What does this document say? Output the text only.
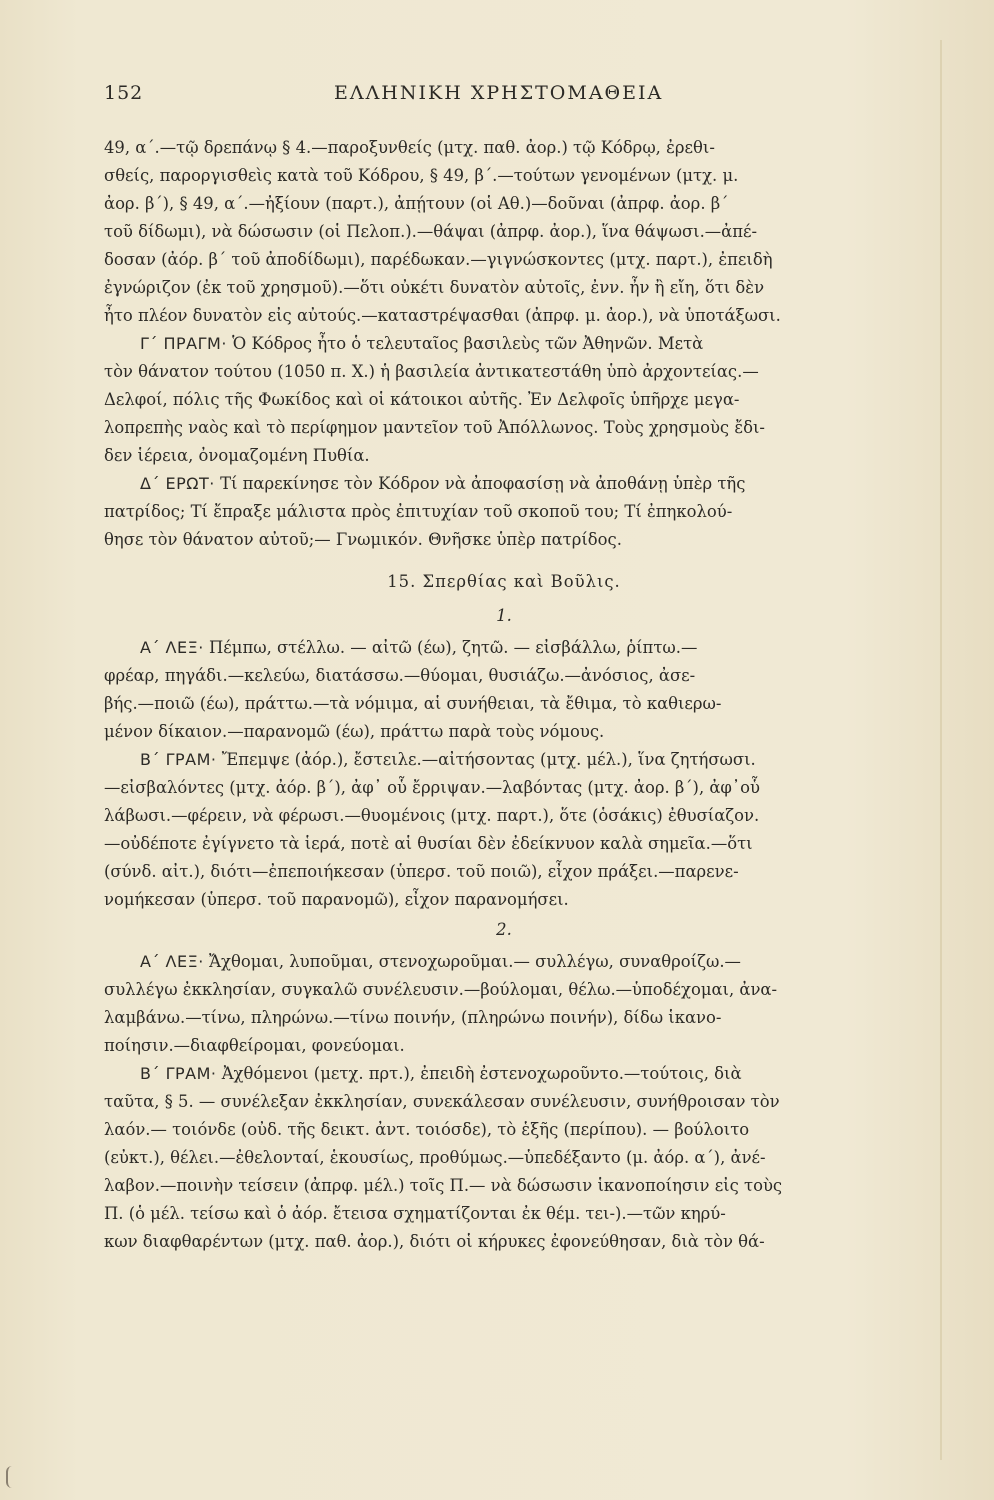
152	ΕΛΛΗΝΙΚΗ ΧΡΗΣΤΟΜΑΘΕΙΑ

49, α΄.—τῷ δρεπάνῳ § 4.—παροξυνθείς (μτχ. παθ. ἀορ.) τῷ Κόδρῳ, ἐρεθι-

σθείς, παροργισθεὶς κατὰ τοῦ Κόδρου, § 49, β΄.—τούτων γενομένων (μτχ. μ.

ἀορ. β΄), § 49, α΄.—ἠξίουν (παρτ.), ἀπῄτουν (οἱ Αθ.)—δοῦναι (ἀπρφ. ἀορ. β΄

τοῦ δίδωμι), νὰ δώσωσιν (οἱ Πελοπ.).—θάψαι (ἀπρφ. ἀορ.), ἵνα θάψωσι.—ἀπέ-

δοσαν (ἀόρ. β΄ τοῦ ἀποδίδωμι), παρέδωκαν.—γιγνώσκοντες (μτχ. παρτ.), ἐπειδὴ

ἐγνώριζον (ἐκ τοῦ χρησμοῦ).—ὅτι οὐκέτι δυνατὸν αὐτοῖς, ἐνν. ἦν ἢ εἴη, ὅτι δὲν

ἦτο πλέον δυνατὸν εἰς αὐτούς.—καταστρέψασθαι (ἀπρφ. μ. ἀορ.), νὰ ὑποτάξωσι.

Γ΄ ΠΡΑΓΜ· Ὁ Κόδρος ἦτο ὁ τελευταῖος βασιλεὺς τῶν Ἀθηνῶν. Μετὰ

τὸν θάνατον τούτου (1050 π. Χ.) ἡ βασιλεία ἀντικατεστάθη ὑπὸ ἀρχοντείας.—

Δελφοί, πόλις τῆς Φωκίδος καὶ οἱ κάτοικοι αὐτῆς. Ἐν Δελφοῖς ὑπῆρχε μεγα-

λοπρεπὴς ναὸς καὶ τὸ περίφημον μαντεῖον τοῦ Ἀπόλλωνος. Τοὺς χρησμοὺς ἔδι-

δεν ἱέρεια, ὀνομαζομένη Πυθία.

Δ΄ ΕΡΩΤ· Τί παρεκίνησε τὸν Κόδρον νὰ ἀποφασίσῃ νὰ ἀποθάνῃ ὑπὲρ τῆς

πατρίδος; Τί ἔπραξε μάλιστα πρὸς ἐπιτυχίαν τοῦ σκοποῦ του; Τί ἐπηκολού-

θησε τὸν θάνατον αὐτοῦ;— Γνωμικόν. Θνῆσκε ὑπὲρ πατρίδος.

15. Σπερθίας καὶ Βοῦλις.

1.

Α΄ ΛΕΞ· Πέμπω, στέλλω. — αἰτῶ (έω), ζητῶ. — εἰσβάλλω, ῥίπτω.—

φρέαρ, πηγάδι.—κελεύω, διατάσσω.—θύομαι, θυσιάζω.—ἀνόσιος, ἀσε-

βής.—ποιῶ (έω), πράττω.—τὰ νόμιμα, αἱ συνήθειαι, τὰ ἔθιμα, τὸ καθιερω-

μένον δίκαιον.—παρανομῶ (έω), πράττω παρὰ τοὺς νόμους.

Β΄ ΓΡΑΜ· Ἔπεμψε (ἀόρ.), ἔστειλε.—αἰτήσοντας (μτχ. μέλ.), ἵνα ζητήσωσι.

—εἰσβαλόντες (μτχ. ἀόρ. β΄), ἀφ᾽ οὗ ἔρριψαν.—λαβόντας (μτχ. ἀορ. β΄), ἀφ᾽οὗ

λάβωσι.—φέρειν, νὰ φέρωσι.—θυομένοις (μτχ. παρτ.), ὅτε (ὁσάκις) ἐθυσίαζον.

—οὐδέποτε ἐγίγνετο τὰ ἱερά, ποτὲ αἱ θυσίαι δὲν ἐδείκνυον καλὰ σημεῖα.—ὅτι

(σύνδ. αἰτ.), διότι—ἐπεποιήκεσαν (ὑπερσ. τοῦ ποιῶ), εἶχον πράξει.—παρενε-

νομήκεσαν (ὑπερσ. τοῦ παρανομῶ), εἶχον παρανομήσει.

2.

Α΄ ΛΕΞ· Ἄχθομαι, λυποῦμαι, στενοχωροῦμαι.— συλλέγω, συναθροίζω.—

συλλέγω ἐκκλησίαν, συγκαλῶ συνέλευσιν.—βούλομαι, θέλω.—ὑποδέχομαι, ἀνα-

λαμβάνω.—τίνω, πληρώνω.—τίνω ποινήν, (πληρώνω ποινήν), δίδω ἱκανο-

ποίησιν.—διαφθείρομαι, φονεύομαι.

Β΄ ΓΡΑΜ· Ἀχθόμενοι (μετχ. πρτ.), ἐπειδὴ ἐστενοχωροῦντο.—τούτοις, διὰ

ταῦτα, § 5. — συνέλεξαν ἐκκλησίαν, συνεκάλεσαν συνέλευσιν, συνήθροισαν τὸν

λαόν.— τοιόνδε (οὐδ. τῆς δεικτ. ἀντ. τοιόσδε), τὸ ἑξῆς (περίπου). — βούλοιτο

(εὐκτ.), θέλει.—ἐθελονταί, ἑκουσίως, προθύμως.—ὑπεδέξαντο (μ. ἀόρ. α΄), ἀνέ-

λαβον.—ποινὴν τείσειν (ἀπρφ. μέλ.) τοῖς Π.— νὰ δώσωσιν ἱκανοποίησιν εἰς τοὺς

Π. (ὁ μέλ. τείσω καὶ ὁ ἀόρ. ἔτεισα σχηματίζονται ἐκ θέμ. τει-).—τῶν κηρύ-

κων διαφθαρέντων (μτχ. παθ. ἀορ.), διότι οἱ κήρυκες ἐφονεύθησαν, διὰ τὸν θά-
